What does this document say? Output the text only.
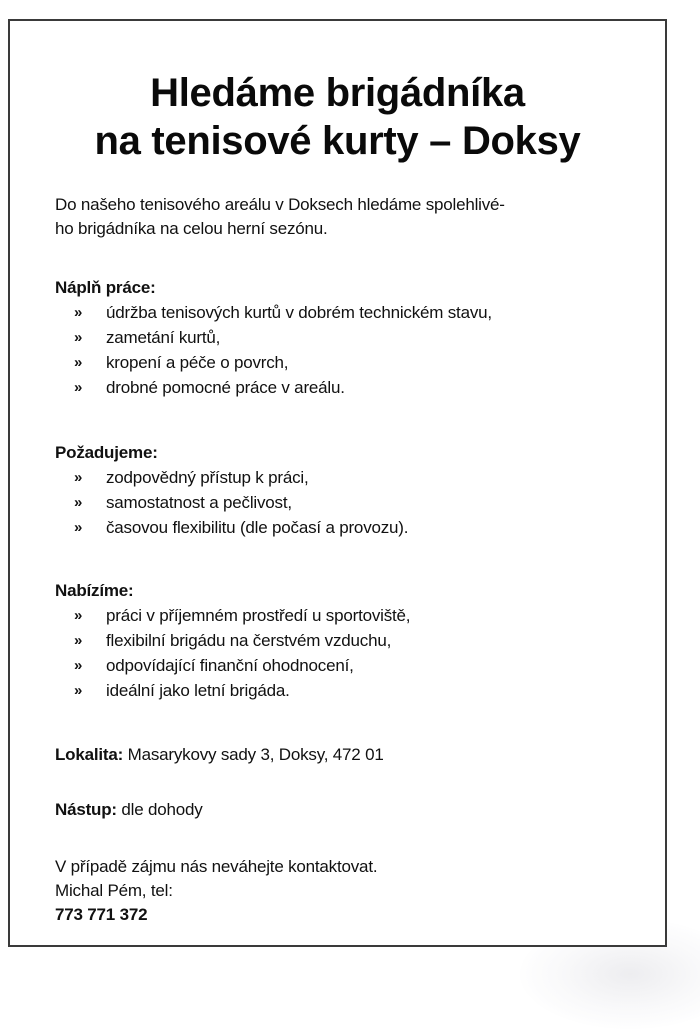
Hledáme brigádníka
na tenisové kurty – Doksy

Do našeho tenisového areálu v Doksech hledáme spolehlivé-
ho brigádníka na celou herní sezónu.

Náplň práce:

» údržba tenisových kurtů v dobrém technickém stavu,
» zametání kurtů,
» kropení a péče o povrch,
» drobné pomocné práce v areálu.

Požadujeme:

» zodpovědný přístup k práci,
» samostatnost a pečlivost,
» časovou flexibilitu (dle počasí a provozu).

Nabízíme:

» práci v příjemném prostředí u sportoviště,
» flexibilní brigádu na čerstvém vzduchu,
» odpovídající finanční ohodnocení,
» ideální jako letní brigáda.

Lokalita: Masarykovy sady 3, Doksy, 472 01

Nástup: dle dohody

V případě zájmu nás neváhejte kontaktovat.
Michal Pém, tel:
773 771 372
